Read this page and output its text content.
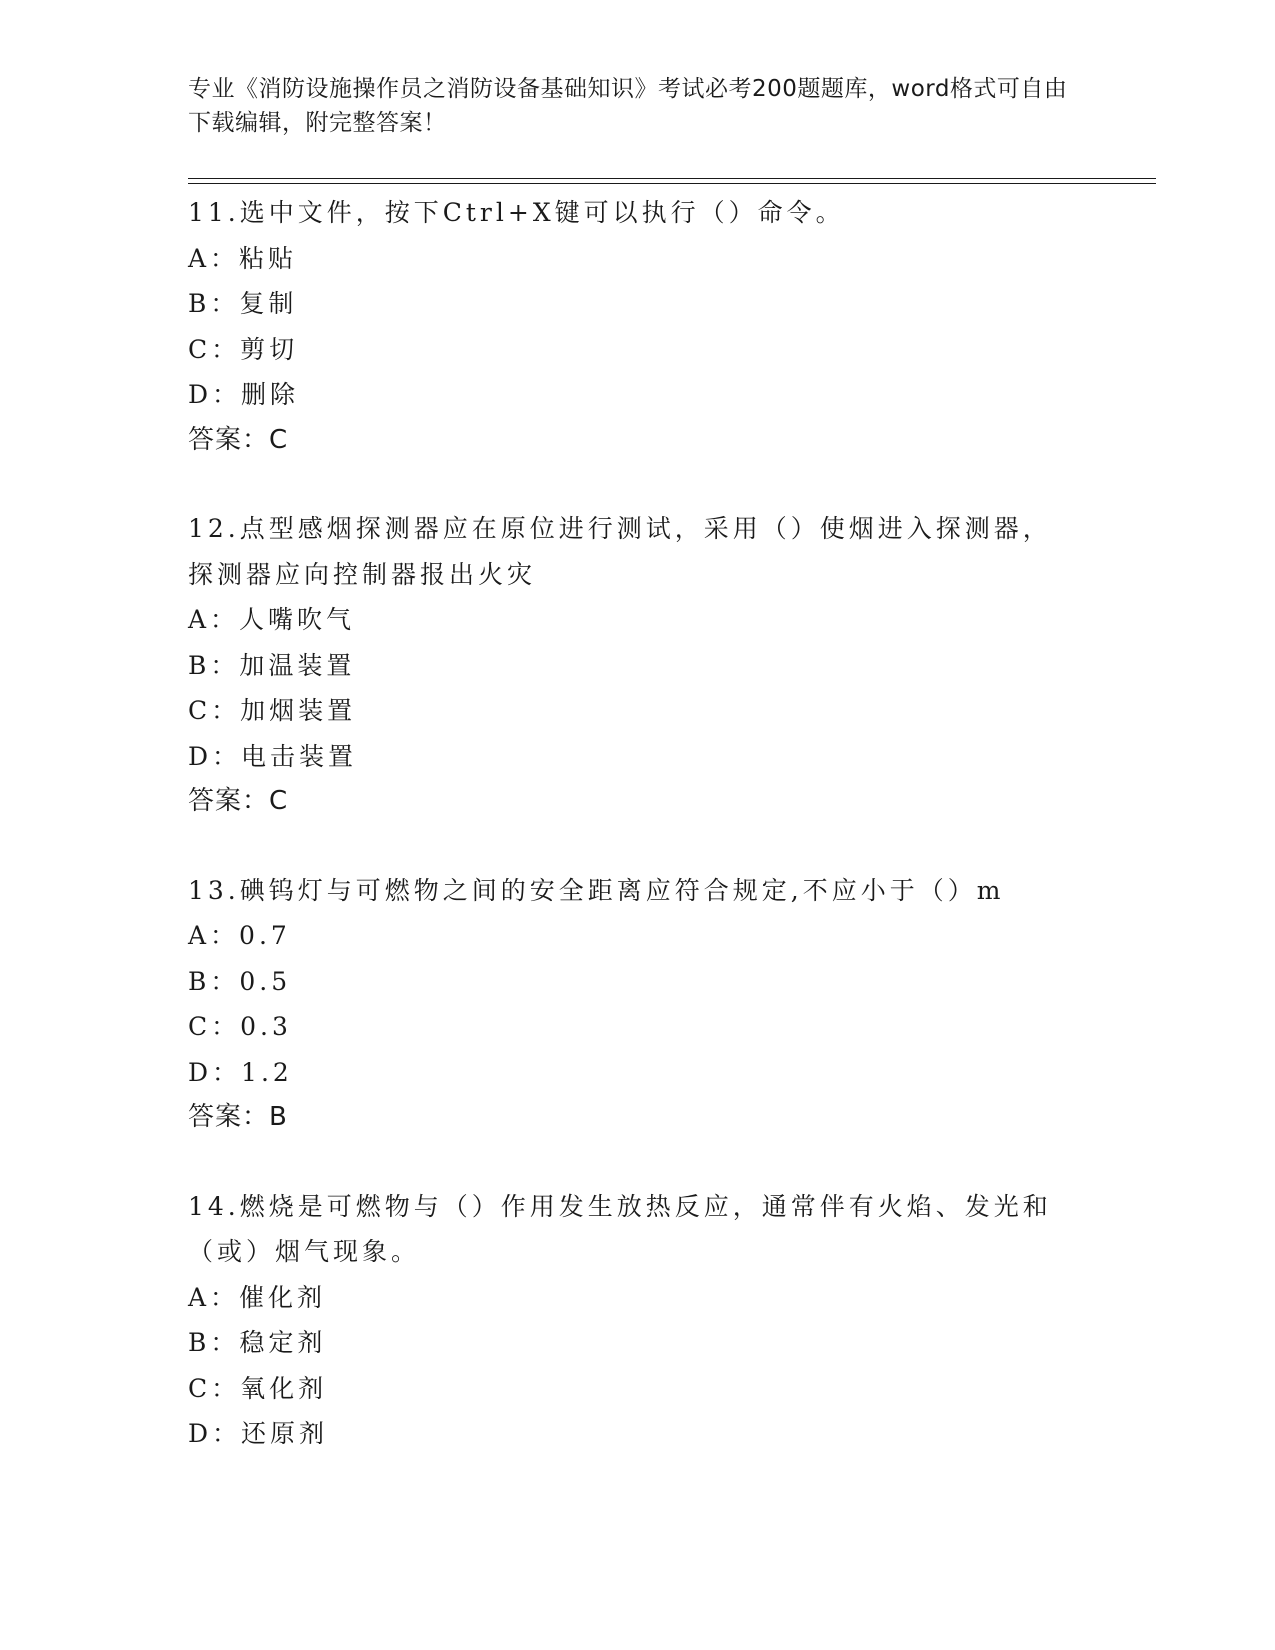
专业《消防设施操作员之消防设备基础知识》考试必考200题题库，word格式可自由下载编辑，附完整答案！
11.选中文件，按下Ctrl+X键可以执行（）命令。
A：粘贴
B：复制
C：剪切
D：删除
答案：C
12.点型感烟探测器应在原位进行测试，采用（）使烟进入探测器，探测器应向控制器报出火灾
A：人嘴吹气
B：加温装置
C：加烟装置
D：电击装置
答案：C
13.碘钨灯与可燃物之间的安全距离应符合规定,不应小于（）m
A：0.7
B：0.5
C：0.3
D：1.2
答案：B
14.燃烧是可燃物与（）作用发生放热反应，通常伴有火焰、发光和（或）烟气现象。
A：催化剂
B：稳定剂
C：氧化剂
D：还原剂
